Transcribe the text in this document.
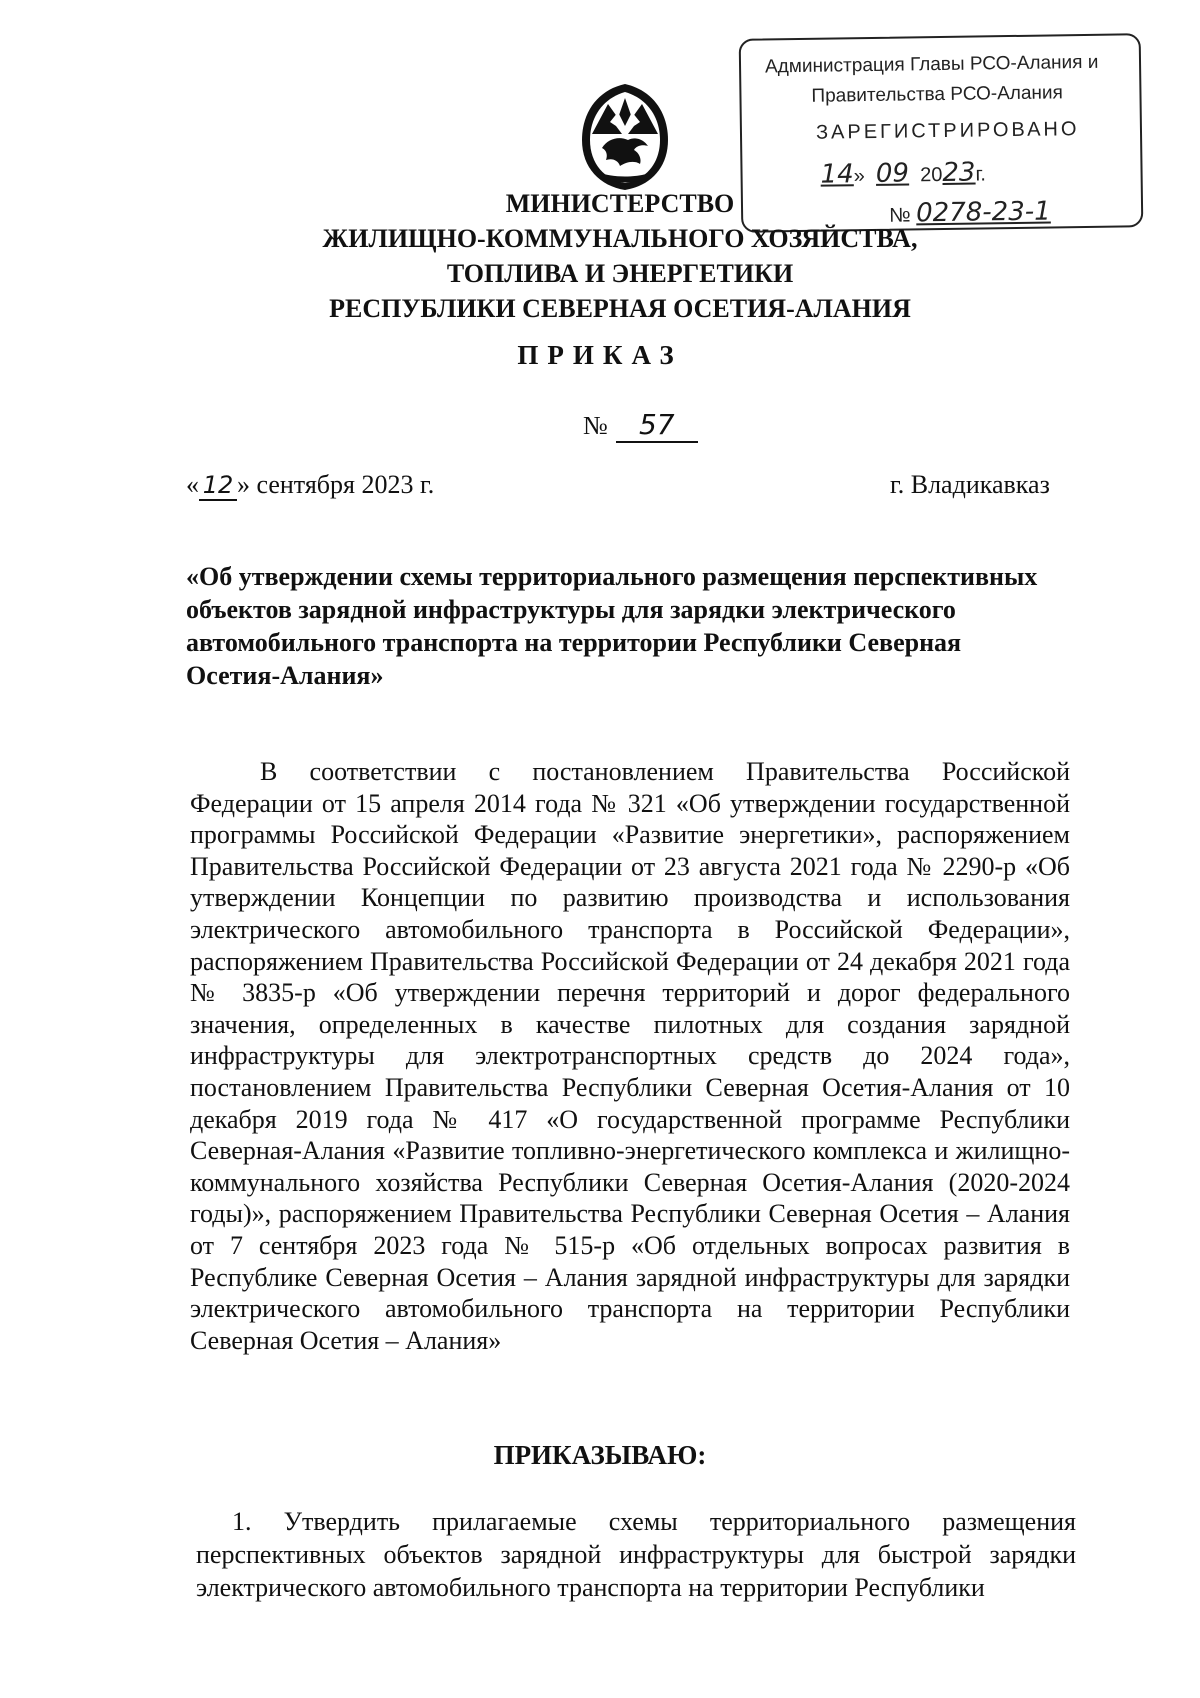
Администрация Главы РСО-Алания и
Правительства РСО-Алания
ЗАРЕГИСТРИРОВАНО
14»  09 2023г.
№ 0278-23-1
МИНИСТЕРСТВО
ЖИЛИЩНО-КОММУНАЛЬНОГО ХОЗЯЙСТВА,
ТОПЛИВА И ЭНЕРГЕТИКИ
РЕСПУБЛИКИ СЕВЕРНАЯ ОСЕТИЯ-АЛАНИЯ
ПРИКАЗ
№ 57
« 12 » сентября 2023 г.	г. Владикавказ
«Об утверждении схемы территориального размещения перспективных объектов зарядной инфраструктуры для зарядки электрического автомобильного транспорта на территории Республики Северная Осетия-Алания»
В соответствии с постановлением Правительства Российской Федерации от 15 апреля 2014 года № 321 «Об утверждении государственной программы Российской Федерации «Развитие энергетики», распоряжением Правительства Российской Федерации от 23 августа 2021 года № 2290-р «Об утверждении Концепции по развитию производства и использования электрического автомобильного транспорта в Российской Федерации», распоряжением Правительства Российской Федерации от 24 декабря 2021 года № 3835-р «Об утверждении перечня территорий и дорог федерального значения, определенных в качестве пилотных для создания зарядной инфраструктуры для электротранспортных средств до 2024 года», постановлением Правительства Республики Северная Осетия-Алания от 10 декабря 2019 года № 417 «О государственной программе Республики Северная-Алания «Развитие топливно-энергетического комплекса и жилищно-коммунального хозяйства Республики Северная Осетия-Алания (2020-2024 годы)», распоряжением Правительства Республики Северная Осетия – Алания от 7 сентября 2023 года № 515-р «Об отдельных вопросах развития в Республике Северная Осетия – Алания зарядной инфраструктуры для зарядки электрического автомобильного транспорта на территории Республики Северная Осетия – Алания»
ПРИКАЗЫВАЮ:
1. Утвердить прилагаемые схемы территориального размещения перспективных объектов зарядной инфраструктуры для быстрой зарядки электрического автомобильного транспорта на территории Республики
